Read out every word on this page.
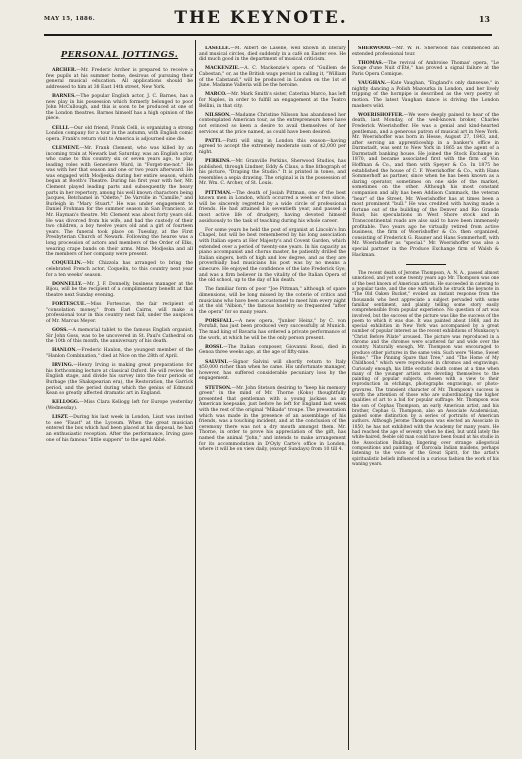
MAY 15, 1886.	THE KEYNOTE.	13
PERSONAL JOTTINGS.

ARCHER.—Mr. Frederic Archer is prepared to receive a few pupils at his summer home, desirous of pursuing their general musical education. All applications should be addressed to him at 38 East 14th street, New York.

BARNES.—The popular English actor, J. C. Barnes, has a new play in his possession which formerly belonged to poor John McCullough, and this is soon to be produced at one of the London theatres. Barnes himself has a high opinion of the piece.

CELLI.—Our old friend, Frank Celli, is organizing a strong London company for a tour in the autumn, with English comic opera. Frank's return visit to America is adjourned sine die.

CLEMENT.—Mr. Frank Clement, who was killed by an incoming train at Newark last Saturday, was an English actor, who came to this country six or seven years ago, to play leading roles with Genevieve Ward, in "Forget-me-not." He was with her that season and one or two years afterward. He was engaged with Modjeska during her entire season, which began at Booth's Theatre. During his first year with her, Mr. Clement played leading parts and subsequently the heavy parts in her repertory, among his well known characters being Jacques, Betchamel in "Odette," De Varville in "Camille," and Burleigh in "Mary Stuart." He was under engagement to Daniel Frohman for the summer season in San Francisco, at Mr. Hayman's theatre. Mr. Clement was about forty years old. He was divorced from his wife, and had the custody of their two children, a boy twelve years old and a girl of fourteen years. The funeral took place on Tuesday, at the First Presbyterian Church of Newark. Following the hearse was a long procession of actors and members of the Order of Elks, wearing crape bands on their arms. Mme. Modjeska and all the members of her company were present.

COQUELIN.—Mr. Chizzola has arranged to bring the celebrated French actor, Coquelin, to this country next year for a ten weeks' season.

DONNELLY.—Mr. J. F. Donnelly, business manager at the Bijou, will be the recipient of a complimentary benefit at that theatre next Sunday evening.

FORTESCUE.—Miss Fortescue, the fair recipient of "consolation money," from Earl Cairns, will make a professional tour in this country next fall, under the auspices of Mr. Marcus Meyer.

GOSS.—A memorial tablet to the famous English organist, Sir John Goss, was to be uncovered in St. Paul's Cathedral on the 10th of this month, the anniversary of his death.

HANLON.—Frederic Hanlon, the youngest member of the "Hanlon Combination," died at Nice on the 28th of April.

IRVING.—Henry Irving is making great preparations for his forthcoming lecture at classical Oxford. He will review the English stage, and divide his survey into the four periods of Burbage (the Shakspearian era), the Restoration, the Garrick period, and the period during which the genius of Edmund Kean so greatly affected dramatic art in England.

KELLOGG.—Miss Clara Kellogg left for Europe yesterday (Wednesday).

LISZT.—During his last week in London, Liszt was invited to see "Faust" at the Lyceum. When the great musician entered the box which had been placed at his disposal, he had an enthusiastic reception. After the performance, Irving gave one of his famous "little suppers" to the aged Abbé.

LASELLE.—M. Albert de Laselle, well known in literary and musical circles, died suddenly in a café on Easter eve. He did much good in the department of musical criticism.

MACKENZIE.—A. C. Mackenzie's opera of "Guillem de Cabestan," or, as the British wags persist in calling it, "William of the Cabstand," will be produced in London on the 1st of June. Madame Valleria will be the heroine.

MARCO.—Mr. Mark Smith's sister, Caterina Marco, has left for Naples, in order to fulfill an engagement at the Teatro Bellini, in that city.

NILSSON.—Madame Christine Nilsson has abandoned her contemplated American tour, as the entrepreneurs here have not evinced so keen a desire to avail themselves of her services at the price named, as could have been desired.

PATTI.—Patti will sing in London this season—having agreed to accept the extremely moderate sum of $2,000 per night.

PERKINS.—Mr. Granville Perkins, Sherwood Studios, has published, through Lindner, Eddy & Claus, a fine lithograph of his picture, "Draping the Studio." It is printed in tones, and resembles a sepia drawing. The original is in the possession of Mr. Wm. C. Archer, of St. Louis.

PITTMAN.—The death of Josiah Pittman, one of the best known men in London, which occurred a week or two since, will be sincerely regretted by a wide circle of professional friends. He had attained his seventieth year, and passed a most active life of drudgery, having devoted himself assiduously to the task of teaching during his whole career.

For some years he held the post of organist at Lincoln's Inn Chapel, but will be best remembered by his long association with Italian opera at Her Majesty's and Covent Garden, which extended over a period of twenty-one years. In his capacity as piano accompanist and chorus master, he patiently drilled the Italian singers, both of high and low degree, and as they are proverbially bad musicians his post was by no means a sinecure. He enjoyed the confidence of the late Frederick Gye, and was a firm believer in the vitality of the Italian Opera of the old school, up to the day of his death.

The familiar form of poor "Joe Pittman," although of spare dimensions, will be long missed by the coterie of critics and musicians who have been accustomed to meet him every night at the old "Albion," the famous hostelry so frequented "after the opera" for so many years.

PORSFALL.—A new opera, "Junker Heinz," by C. von Porsfall, has just been produced very successfully at Munich. The mad king of Bavaria has ordered a private performance of the work, at which he will be the only person present.

ROSSI.—The Italian composer, Giovanni Rossi, died in Genoa three weeks ago, at the age of fifty-nine.

SALVINI.—Signor Salvini will shortly return to Italy $50,000 richer than when he came. His unfortunate manager, however, has suffered considerable pecuniary loss by the engagement.

STETSON.—Mr. John Stetson desiring to "keep his memory green" in the mind of Mr. Thorne (Koko) thoughtfully presented that gentleman with a young jackass as an American keepsake, just before he left for England last week with the rest of the original "Mikado" troupe. The presentation which was made in the presence of an assemblage of his friends, was a touching incident, and at the conclusion of the ceremony there was not a dry mouth amongst them. Mr. Thorne, in order to prove his appreciation of the gift, has named the animal "John," and intends to make arrangement for its accommodation in D'Oyly Carte's office in London, where it will be on view daily, (except Sundays) from 10 till 4.

SHERWOOD.—Mr. W. H. Sherwood has commenced an extended professional tour.

THOMAS.—The revival of Ambroise Thomas' opera, "Le Songe d'une Nuit d'Été," has proved a signal failure at the Paris Opera Comique.

VAUGHAN.—Kate Vaughan, "England's only danseuse," in nightly dancing a Polish Mazourka in London, and her lively tripping of the hornpipe is described as the very poetry of motion. The latest Vaughan dance is driving the London mashers wild.

WOERISHOFFER.—We were deeply pained to hear of the death, last Monday, of the well-known broker, Charles Frederick Woerishoffer. He was a genial and kind-hearted gentleman, and a generous patron of musical art in New York. Mr. Woerishoffer was born in Hesse, August 27, 1843, and, after serving an apprenticeship in a banker's office in Darmstadt, was sent to New York in 1865 as the agent of a Darmstadt banking house. He joined the Stock Exchange in 1870, and became associated first with the firm of Von Hoffman & Co., and then with Speyer & Co. In 1875 he established the house of C. F. Woerishoffer & Co., with Hans Sommerhoff as partner, since when he has been known as a daring operator, sometimes on one side of the market, sometimes on the other. Although his most constant companion and ally has been Addison Cammack, the veteran "bear" of the Street, Mr. Woerishoffer has at times been a most prominent "bull." He was credited with having made a fortune out of the building of the Denver and Rio Grande Road; his speculations in West Shore stock and in Transcontinental roads are also said to have been immensely profitable. Two years ago he virtually retired from active business, the firm of Woerishoffer & Co. then organized, consisting of Frederick G. Rauner and Hans Sommerhoff, with Mr. Woerishoffer as "special." Mr. Woerishoffer was also a special partner in the Produce Exchange firm of Walsh & Hackman.

The recent death of Jerome Thompson, A. N. A., passed almost unnoticed, and yet some twenty years ago Mr. Thompson was one of the best known of American artists. He succeeded in catering to a popular taste, and the one with which he struck the keynote in "The Old Oaken Bucket," evoked an instant response from the thousands who best appreciate a subject pervaded with some familiar sentiment, and plainly telling some story easily comprehensible from popular experience. No question of art was involved, but the success of the picture was like the success of the poem to which it was due. It was painted about 1868, and its special exhibition in New York was accompanied by a great number of popular interest as the recent exhibitions of Munkacsy's "Christ Before Pilate" aroused. The picture was reproduced in a chromo and the chromos were scattered far and wide over the country. Naturally enough, Mr. Thompson was encouraged to produce other pictures in the same vein. Such were "Home, Sweet Home," "The Pinning Spare that Tree," and "The Home of My Childhood," which were reproduced in chromos and engravings. Curiously enough, his little ecstatic death comes at a time when many of the younger artists are devoting themselves to the painting of popular subjects, chosen with a view to their reproduction in etchings, photographs engravings, or photo-gravures. The transient character of Mr. Thompson's success is worth the attention of those who are subordinating the higher qualities of art to a bid for popular suffrage. Mr. Thompson was the son of Cephas Thompson, an early American artist, and his brother, Cephas G. Thompson, also an Associate Academician, gained some distinction by a series of portraits of American authors. Although Jerome Thompson was elected an Associate in 1850, he has not exhibited with the Academy for many years. He had reached the age of seventy when he died, but until lately the white-haired, feeble old man could have been found at his studio in the Association Building, lingering over strange allegorical compositions and paintings of Darcoala Indian maidens, perhaps listening to the voice of the Great Spirit, for the artist's spiritualistic beliefs influenced in a curious fashion the work of his waning years.
